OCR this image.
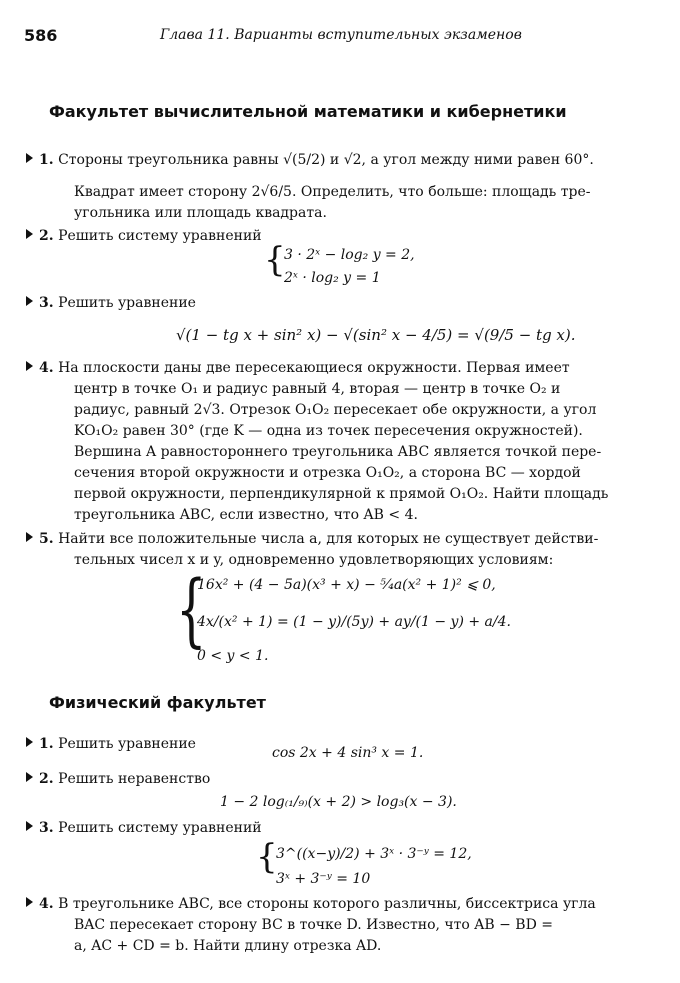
586	Глава 11. Варианты вступительных экзаменов
Факультет вычислительной математики и кибернетики
1. Стороны треугольника равны √(5/2) и √2, а угол между ними равен 60°.
Квадрат имеет сторону 2√6/5. Определить, что больше: площадь тре-
угольника или площадь квадрата.
2. Решить систему уравнений
{
3 · 2ˣ − log₂ y = 2,
2ˣ · log₂ y = 1
3. Решить уравнение
√(1 − tg x + sin² x) − √(sin² x − 4/5) = √(9/5 − tg x).
4. На плоскости даны две пересекающиеся окружности. Первая имеет
центр в точке O₁ и радиус равный 4, вторая — центр в точке O₂ и
радиус, равный 2√3. Отрезок O₁O₂ пересекает обе окружности, а угол
KO₁O₂ равен 30° (где K — одна из точек пересечения окружностей).
Вершина A равностороннего треугольника ABC является точкой пере-
сечения второй окружности и отрезка O₁O₂, а сторона BC — хордой
первой окружности, перпендикулярной к прямой O₁O₂. Найти площадь
треугольника ABC, если известно, что AB < 4.
5. Найти все положительные числа a, для которых не существует действи-
тельных чисел x и y, одновременно удовлетворяющих условиям:
{
16x² + (4 − 5a)(x³ + x) − ⁵⁄₄a(x² + 1)² ⩽ 0,
4x/(x² + 1) = (1 − y)/(5y) + ay/(1 − y) + a/4.
0 < y < 1.
Физический факультет
1. Решить уравнение
cos 2x + 4 sin³ x = 1.
2. Решить неравенство
1 − 2 log₍₁/₉₎(x + 2) > log₃(x − 3).
3. Решить систему уравнений
{
3^((x−y)/2) + 3ˣ · 3⁻ʸ = 12,
3ˣ + 3⁻ʸ = 10
4. В треугольнике ABC, все стороны которого различны, биссектриса угла
BAC пересекает сторону BC в точке D. Известно, что AB − BD =
a, AC + CD = b. Найти длину отрезка AD.
